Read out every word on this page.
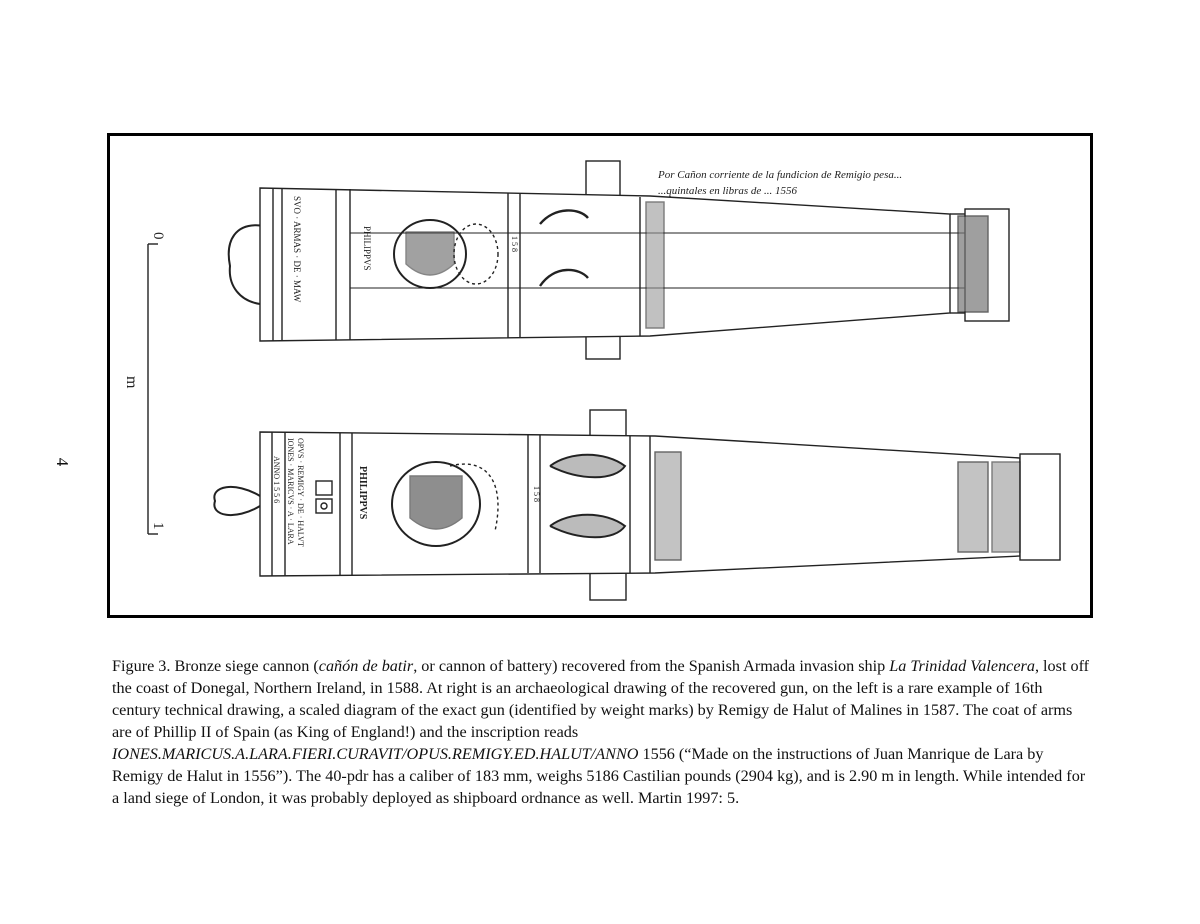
4
0
m
1
Por Cañon corriente de la fundicion de Remigio pesa...
...quintales en libras de ... 1556
SVO · ARMAS · DE · MAW	PHILIPPVS	1 5 8
IONES · MARICVS · A · LARA OPVS · REMIGY · DE · HALVT
ANNO 1 5 5 6	PHILIPPVS	1 5 8
Figure 3. Bronze siege cannon (cañón de batir, or cannon of battery) recovered from the Spanish Armada invasion ship La Trinidad Valencera, lost off the coast of Donegal, Northern Ireland, in 1588. At right is an archaeological drawing of the recovered gun, on the left is a rare example of 16th century technical drawing, a scaled diagram of the exact gun (identified by weight marks) by Remigy de Halut of Malines in 1587. The coat of arms are of Phillip II of Spain (as King of England!) and the inscription reads IONES.MARICUS.A.LARA.FIERI.CURAVIT/OPUS.REMIGY.ED.HALUT/ANNO 1556 (“Made on the instructions of Juan Manrique de Lara by Remigy de Halut in 1556”). The 40-pdr has a caliber of 183 mm, weighs 5186 Castilian pounds (2904 kg), and is 2.90 m in length. While intended for a land siege of London, it was probably deployed as shipboard ordnance as well. Martin 1997: 5.
